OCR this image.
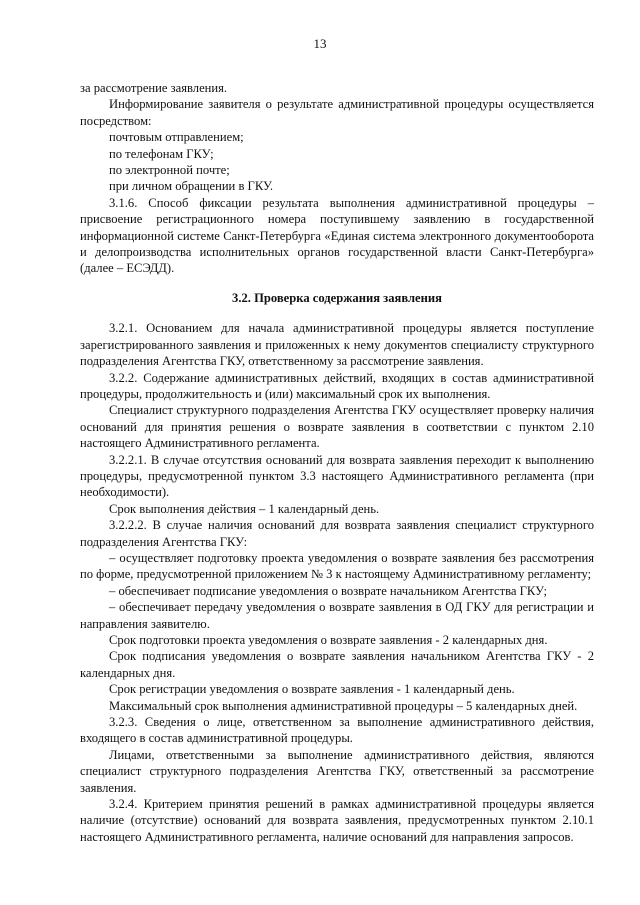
13

за рассмотрение заявления.

Информирование заявителя о результате административной процедуры осуществляется посредством:

почтовым отправлением;

по телефонам ГКУ;

по электронной почте;

при личном обращении в ГКУ.

3.1.6. Способ фиксации результата выполнения административной процедуры – присвоение регистрационного номера поступившему заявлению в государственной информационной системе Санкт-Петербурга «Единая система электронного документооборота и делопроизводства исполнительных органов государственной власти Санкт-Петербурга» (далее – ЕСЭДД).

3.2. Проверка содержания заявления

3.2.1. Основанием для начала административной процедуры является поступление зарегистрированного заявления и приложенных к нему документов специалисту структурного подразделения Агентства ГКУ, ответственному за рассмотрение заявления.

3.2.2. Содержание административных действий, входящих в состав административной процедуры, продолжительность и (или) максимальный срок их выполнения.

Специалист структурного подразделения Агентства ГКУ осуществляет проверку наличия оснований для принятия решения о возврате заявления в соответствии с пунктом 2.10 настоящего Административного регламента.

3.2.2.1. В случае отсутствия оснований для возврата заявления переходит к выполнению процедуры, предусмотренной пунктом 3.3 настоящего Административного регламента (при необходимости).

Срок выполнения действия – 1 календарный день.

3.2.2.2. В случае наличия оснований для возврата заявления специалист структурного подразделения Агентства ГКУ:

– осуществляет подготовку проекта уведомления о возврате заявления без рассмотрения по форме, предусмотренной приложением № 3 к настоящему Административному регламенту;

– обеспечивает подписание уведомления о возврате начальником Агентства ГКУ;

– обеспечивает передачу уведомления о возврате заявления в ОД ГКУ для регистрации и направления заявителю.

Срок подготовки проекта уведомления о возврате заявления - 2 календарных дня.

Срок подписания уведомления о возврате заявления начальником Агентства ГКУ - 2 календарных дня.

Срок регистрации уведомления о возврате заявления - 1 календарный день.

Максимальный срок выполнения административной процедуры – 5 календарных дней.

3.2.3. Сведения о лице, ответственном за выполнение административного действия, входящего в состав административной процедуры.

Лицами, ответственными за выполнение административного действия, являются специалист структурного подразделения Агентства ГКУ, ответственный за рассмотрение заявления.

3.2.4. Критерием принятия решений в рамках административной процедуры является наличие (отсутствие) оснований для возврата заявления, предусмотренных пунктом 2.10.1 настоящего Административного регламента, наличие оснований для направления запросов.
